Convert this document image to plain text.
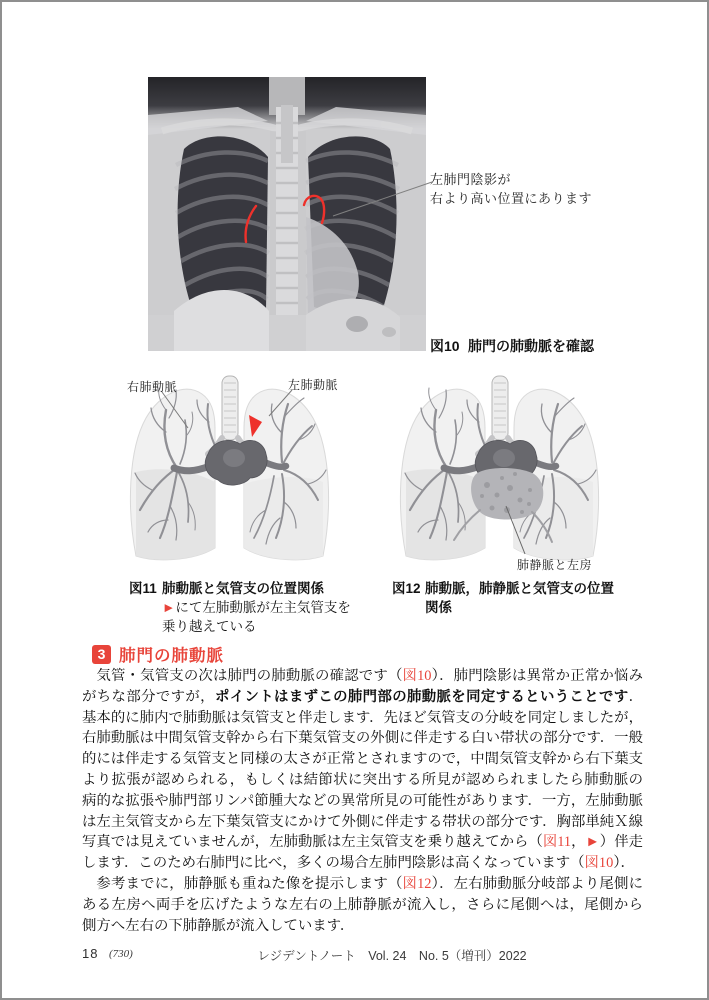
左肺門陰影が
右より高い位置にあります
図10 肺門の肺動脈を確認
右肺動脈	左肺動脈
肺静脈と左房
図11 肺動脈と気管支の位置関係
►にて左肺動脈が左主気管支を乗り越えている
図12 肺動脈，肺静脈と気管支の位置関係
3 肺門の肺動脈

気管・気管支の次は肺門の肺動脈の確認です（図10）．肺門陰影は異常か正常か悩みがちな部分ですが，ポイントはまずこの肺門部の肺動脈を同定するということです．基本的に肺内で肺動脈は気管支と伴走します．先ほど気管支の分岐を同定しましたが，右肺動脈は中間気管支幹から右下葉気管支の外側に伴走する白い帯状の部分です．一般的には伴走する気管支と同様の太さが正常とされますので，中間気管支幹から右下葉支より拡張が認められる，もしくは結節状に突出する所見が認められましたら肺動脈の病的な拡張や肺門部リンパ節腫大などの異常所見の可能性があります．一方，左肺動脈は左主気管支から左下葉気管支にかけて外側に伴走する帯状の部分です．胸部単純Ｘ線写真では見えていませんが，左肺動脈は左主気管支を乗り越えてから（図11，►）伴走します．このため右肺門に比べ，多くの場合左肺門陰影は高くなっています（図10）．

参考までに，肺静脈も重ねた像を提示します（図12）．左右肺動脈分岐部より尾側にある左房へ両手を広げたような左右の上肺静脈が流入し，さらに尾側へは，尾側から側方へ左右の下肺静脈が流入しています．

18 (730)	レジデントノート　Vol. 24　No. 5（増刊）2022
